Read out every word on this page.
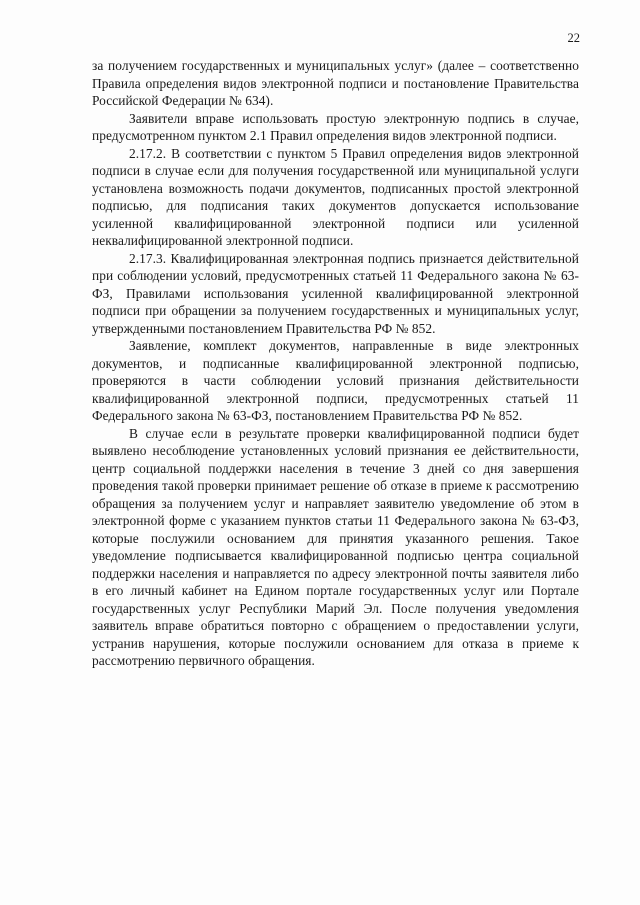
22

за получением государственных и муниципальных услуг» (далее – соответственно Правила определения видов электронной подписи и постановление Правительства Российской Федерации № 634).

Заявители вправе использовать простую электронную подпись в случае, предусмотренном пунктом 2.1 Правил определения видов электронной подписи.

2.17.2. В соответствии с пунктом 5 Правил определения видов электронной подписи в случае если для получения государственной или муниципальной услуги установлена возможность подачи документов, подписанных простой электронной подписью, для подписания таких документов допускается использование усиленной квалифицированной электронной подписи или усиленной неквалифицированной электронной подписи.

2.17.3. Квалифицированная электронная подпись признается действительной при соблюдении условий, предусмотренных статьей 11 Федерального закона № 63-ФЗ, Правилами использования усиленной квалифицированной электронной подписи при обращении за получением государственных и муниципальных услуг, утвержденными постановлением Правительства РФ № 852.

Заявление, комплект документов, направленные в виде электронных документов, и подписанные квалифицированной электронной подписью, проверяются в части соблюдении условий признания действительности квалифицированной электронной подписи, предусмотренных статьей 11 Федерального закона № 63-ФЗ, постановлением Правительства РФ № 852.

В случае если в результате проверки квалифицированной подписи будет выявлено несоблюдение установленных условий признания ее действительности, центр социальной поддержки населения в течение 3 дней со дня завершения проведения такой проверки принимает решение об отказе в приеме к рассмотрению обращения за получением услуг и направляет заявителю уведомление об этом в электронной форме с указанием пунктов статьи 11 Федерального закона № 63-ФЗ, которые послужили основанием для принятия указанного решения. Такое уведомление подписывается квалифицированной подписью центра социальной поддержки населения и направляется по адресу электронной почты заявителя либо в его личный кабинет на Едином портале государственных услуг или Портале государственных услуг Республики Марий Эл. После получения уведомления заявитель вправе обратиться повторно с обращением о предоставлении услуги, устранив нарушения, которые послужили основанием для отказа в приеме к рассмотрению первичного обращения.
